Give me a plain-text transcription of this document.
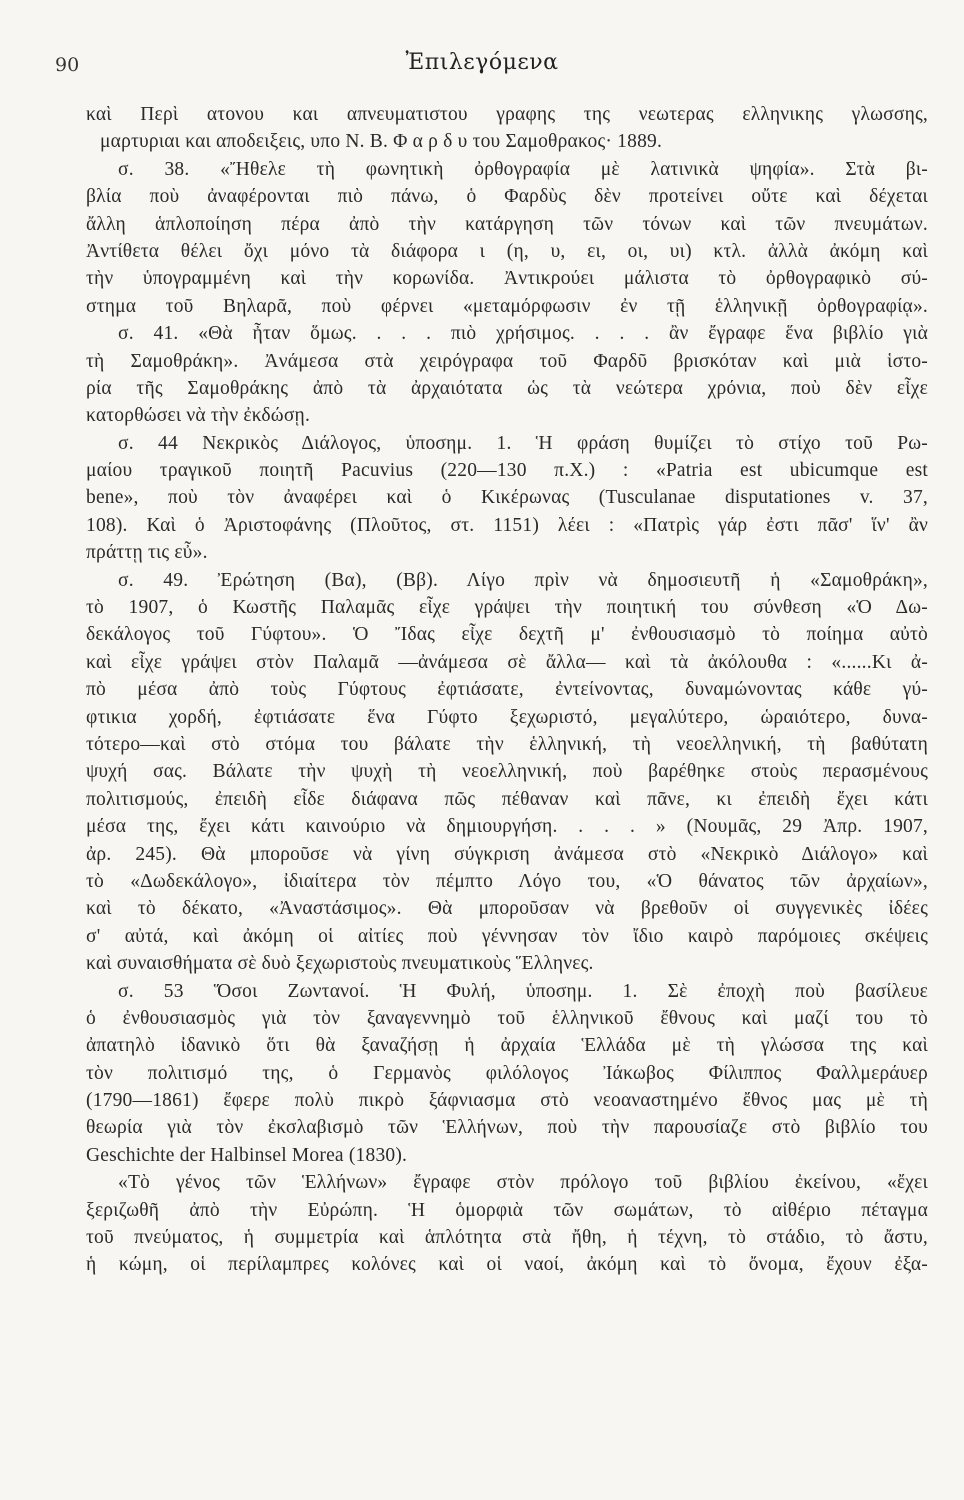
90	Ἐπιλεγόμενα
καὶ Περὶ ατονου και απνευματιστου γραφης της νεωτερας ελληνικης γλωσσης,
μαρτυριαι και αποδειξεις, υπο Ν. Β. Φ α ρ δ υ του Σαμοθρακος· 1889.
σ. 38. «Ἤθελε τὴ φωνητικὴ ὀρθογραφία μὲ λατινικὰ ψηφία». Στὰ βι-
βλία ποὺ ἀναφέρονται πιὸ πάνω, ὁ Φαρδὺς δὲν προτείνει οὔτε καὶ δέχεται
ἄλλη ἁπλοποίηση πέρα ἀπὸ τὴν κατάργηση τῶν τόνων καὶ τῶν πνευμάτων.
Ἀντίθετα θέλει ὄχι μόνο τὰ διάφορα ι (η, υ, ει, οι, υι) κτλ. ἀλλὰ ἀκόμη καὶ
τὴν ὑπογραμμένη καὶ τὴν κορωνίδα. Ἀντικρούει μάλιστα τὸ ὀρθογραφικὸ σύ-
στημα τοῦ Βηλαρᾶ, ποὺ φέρνει «μεταμόρφωσιν ἐν τῇ ἑλληνικῇ ὀρθογραφίᾳ».
σ. 41. «Θὰ ἦταν ὅμως. . . . πιὸ χρήσιμος. . . . ἂν ἔγραφε ἕνα βιβλίο γιὰ
τὴ Σαμοθράκη». Ἀνάμεσα στὰ χειρόγραφα τοῦ Φαρδῦ βρισκόταν καὶ μιὰ ἱστο-
ρία τῆς Σαμοθράκης ἀπὸ τὰ ἀρχαιότατα ὡς τὰ νεώτερα χρόνια, ποὺ δὲν εἶχε
κατορθώσει νὰ τὴν ἐκδώσῃ.
σ. 44 Νεκρικὸς Διάλογος, ὑποσημ. 1. Ἡ φράση θυμίζει τὸ στίχο τοῦ Ρω-
μαίου τραγικοῦ ποιητῆ Pacuvius (220—130 π.Χ.) : «Patria est ubicumque est
bene», ποὺ τὸν ἀναφέρει καὶ ὁ Κικέρωνας (Tusculanae disputationes v. 37,
108). Καὶ ὁ Ἀριστοφάνης (Πλοῦτος, στ. 1151) λέει : «Πατρὶς γάρ ἐστι πᾶσ' ἵν' ἂν
πράττῃ τις εὖ».
σ. 49. Ἐρώτηση (Βα), (Ββ). Λίγο πρὶν νὰ δημοσιευτῆ ἡ «Σαμοθράκη»,
τὸ 1907, ὁ Κωστῆς Παλαμᾶς εἶχε γράψει τὴν ποιητική του σύνθεση «Ὁ Δω-
δεκάλογος τοῦ Γύφτου». Ὁ Ἴδας εἶχε δεχτῆ μ' ἐνθουσιασμὸ τὸ ποίημα αὐτὸ
καὶ εἶχε γράψει στὸν Παλαμᾶ —ἀνάμεσα σὲ ἄλλα— καὶ τὰ ἀκόλουθα : «......Κι ἀ-
πὸ μέσα ἀπὸ τοὺς Γύφτους ἐφτιάσατε, ἐντείνοντας, δυναμώνοντας κάθε γύ-
φτικια χορδή, ἐφτιάσατε ἕνα Γύφτο ξεχωριστό, μεγαλύτερο, ὡραιότερο, δυνα-
τότερο—καὶ στὸ στόμα του βάλατε τὴν ἑλληνική, τὴ νεοελληνική, τὴ βαθύτατη
ψυχή σας. Βάλατε τὴν ψυχὴ τὴ νεοελληνική, ποὺ βαρέθηκε στοὺς περασμένους
πολιτισμούς, ἐπειδὴ εἶδε διάφανα πῶς πέθαναν καὶ πᾶνε, κι ἐπειδὴ ἔχει κάτι
μέσα της, ἔχει κάτι καινούριο νὰ δημιουργήση. . . . » (Νουμᾶς, 29 Ἀπρ. 1907,
ἀρ. 245). Θὰ μποροῦσε νὰ γίνη σύγκριση ἀνάμεσα στὸ «Νεκρικὸ Διάλογο» καὶ
τὸ «Δωδεκάλογο», ἰδιαίτερα τὸν πέμπτο Λόγο του, «Ὁ θάνατος τῶν ἀρχαίων»,
καὶ τὸ δέκατο, «Ἀναστάσιμος». Θὰ μποροῦσαν νὰ βρεθοῦν οἱ συγγενικὲς ἰδέες
σ' αὐτά, καὶ ἀκόμη οἱ αἰτίες ποὺ γέννησαν τὸν ἴδιο καιρὸ παρόμοιες σκέψεις
καὶ συναισθήματα σὲ δυὸ ξεχωριστοὺς πνευματικοὺς Ἕλληνες.
σ. 53 Ὅσοι Ζωντανοί. Ἡ Φυλή, ὑποσημ. 1. Σὲ ἐποχὴ ποὺ βασίλευε
ὁ ἐνθουσιασμὸς γιὰ τὸν ξαναγεννημὸ τοῦ ἑλληνικοῦ ἔθνους καὶ μαζί του τὸ
ἀπατηλὸ ἰδανικὸ ὅτι θὰ ξαναζήσῃ ἡ ἀρχαία Ἑλλάδα μὲ τὴ γλώσσα της καὶ
τὸν πολιτισμό της, ὁ Γερμανὸς φιλόλογος Ἰάκωβος Φίλιππος Φαλλμεράυερ
(1790—1861) ἔφερε πολὺ πικρὸ ξάφνιασμα στὸ νεοαναστημένο ἔθνος μας μὲ τὴ
θεωρία γιὰ τὸν ἐκσλαβισμὸ τῶν Ἑλλήνων, ποὺ τὴν παρουσίαζε στὸ βιβλίο του
Geschichte der Halbinsel Morea (1830).
«Τὸ γένος τῶν Ἑλλήνων» ἔγραφε στὸν πρόλογο τοῦ βιβλίου ἐκείνου, «ἔχει
ξεριζωθῆ ἀπὸ τὴν Εὐρώπη. Ἡ ὁμορφιὰ τῶν σωμάτων, τὸ αἰθέριο πέταγμα
τοῦ πνεύματος, ἡ συμμετρία καὶ ἁπλότητα στὰ ἤθη, ἡ τέχνη, τὸ στάδιο, τὸ ἄστυ,
ἡ κώμη, οἱ περίλαμπρες κολόνες καὶ οἱ ναοί, ἀκόμη καὶ τὸ ὄνομα, ἔχουν ἐξα-
